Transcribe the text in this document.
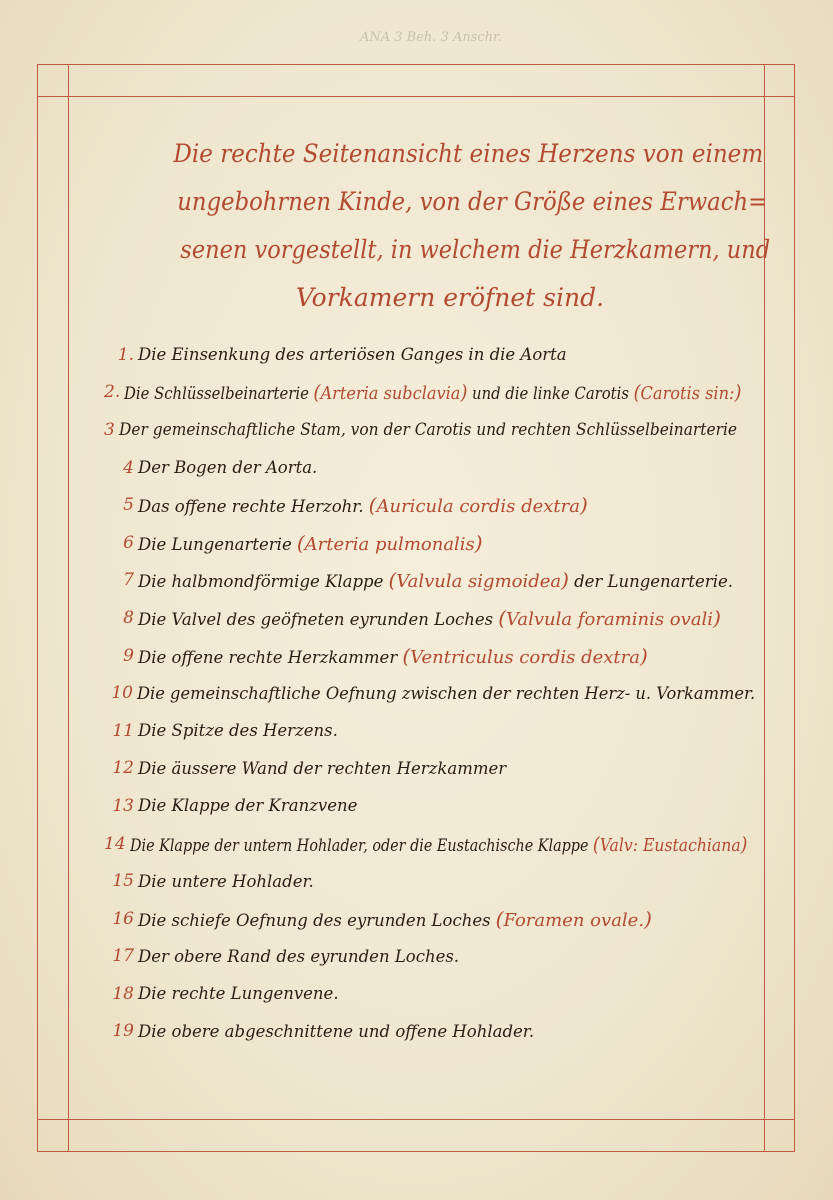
ANA 3 Beh. 3 Anschr.
Die rechte Seitenansicht eines Herzens von einem
ungebohrnen Kinde, von der Größe eines Erwach=
senen vorgestellt, in welchem die Herzkamern, und
Vorkamern eröfnet sind.
1. Die Einsenkung des arteriösen Ganges in die Aorta
2. Die Schlüsselbeinarterie (Arteria subclavia) und die linke Carotis (Carotis sin:)
3 Der gemeinschaftliche Stam, von der Carotis und rechten Schlüsselbeinarterie
4 Der Bogen der Aorta.
5 Das offene rechte Herzohr. (Auricula cordis dextra)
6 Die Lungenarterie (Arteria pulmonalis)
7 Die halbmondförmige Klappe (Valvula sigmoidea) der Lungenarterie.
8 Die Valvel des geöfneten eyrunden Loches (Valvula foraminis ovali)
9 Die offene rechte Herzkammer (Ventriculus cordis dextra)
10 Die gemeinschaftliche Oefnung zwischen der rechten Herz- u. Vorkammer.
11 Die Spitze des Herzens.
12 Die äussere Wand der rechten Herzkammer
13 Die Klappe der Kranzvene
14 Die Klappe der untern Hohlader, oder die Eustachische Klappe (Valv: Eustachiana)
15 Die untere Hohlader.
16 Die schiefe Oefnung des eyrunden Loches (Foramen ovale.)
17 Der obere Rand des eyrunden Loches.
18 Die rechte Lungenvene.
19 Die obere abgeschnittene und offene Hohlader.
